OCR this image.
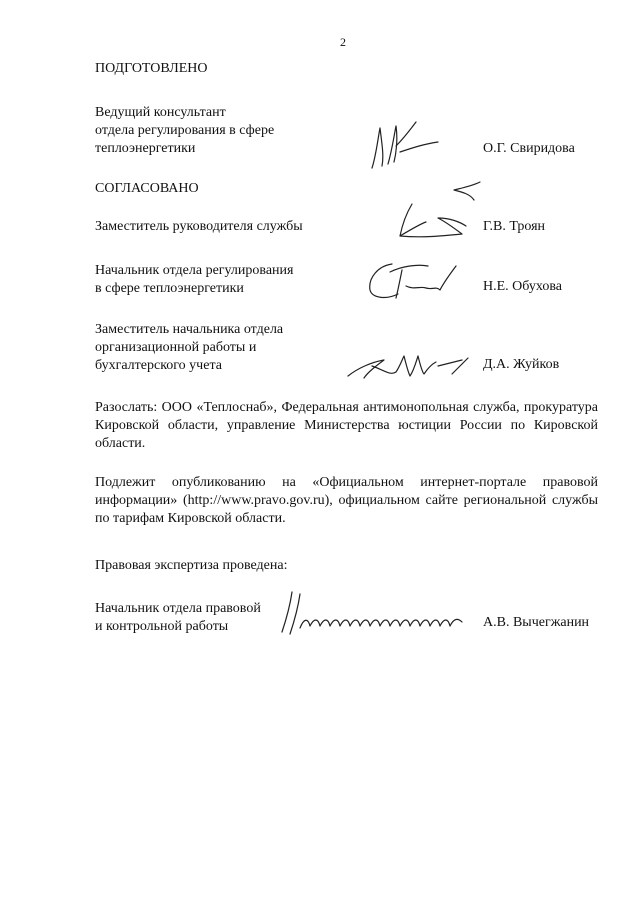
2
ПОДГОТОВЛЕНО
Ведущий консультант
отдела регулирования в сфере
теплоэнергетики	О.Г. Свиридова
СОГЛАСОВАНО
Заместитель руководителя службы	Г.В. Троян
Начальник отдела регулирования
в сфере теплоэнергетики	Н.Е. Обухова
Заместитель начальника отдела
организационной работы и
бухгалтерского учета	Д.А. Жуйков
Разослать: ООО «Теплоснаб», Федеральная антимонопольная служба, прокуратура Кировской области, управление Министерства юстиции России по Кировской области.
Подлежит опубликованию на «Официальном интернет-портале правовой информации» (http://www.pravo.gov.ru), официальном сайте региональной службы по тарифам Кировской области.
Правовая экспертиза проведена:
Начальник отдела правовой
и контрольной работы	А.В. Вычегжанин
